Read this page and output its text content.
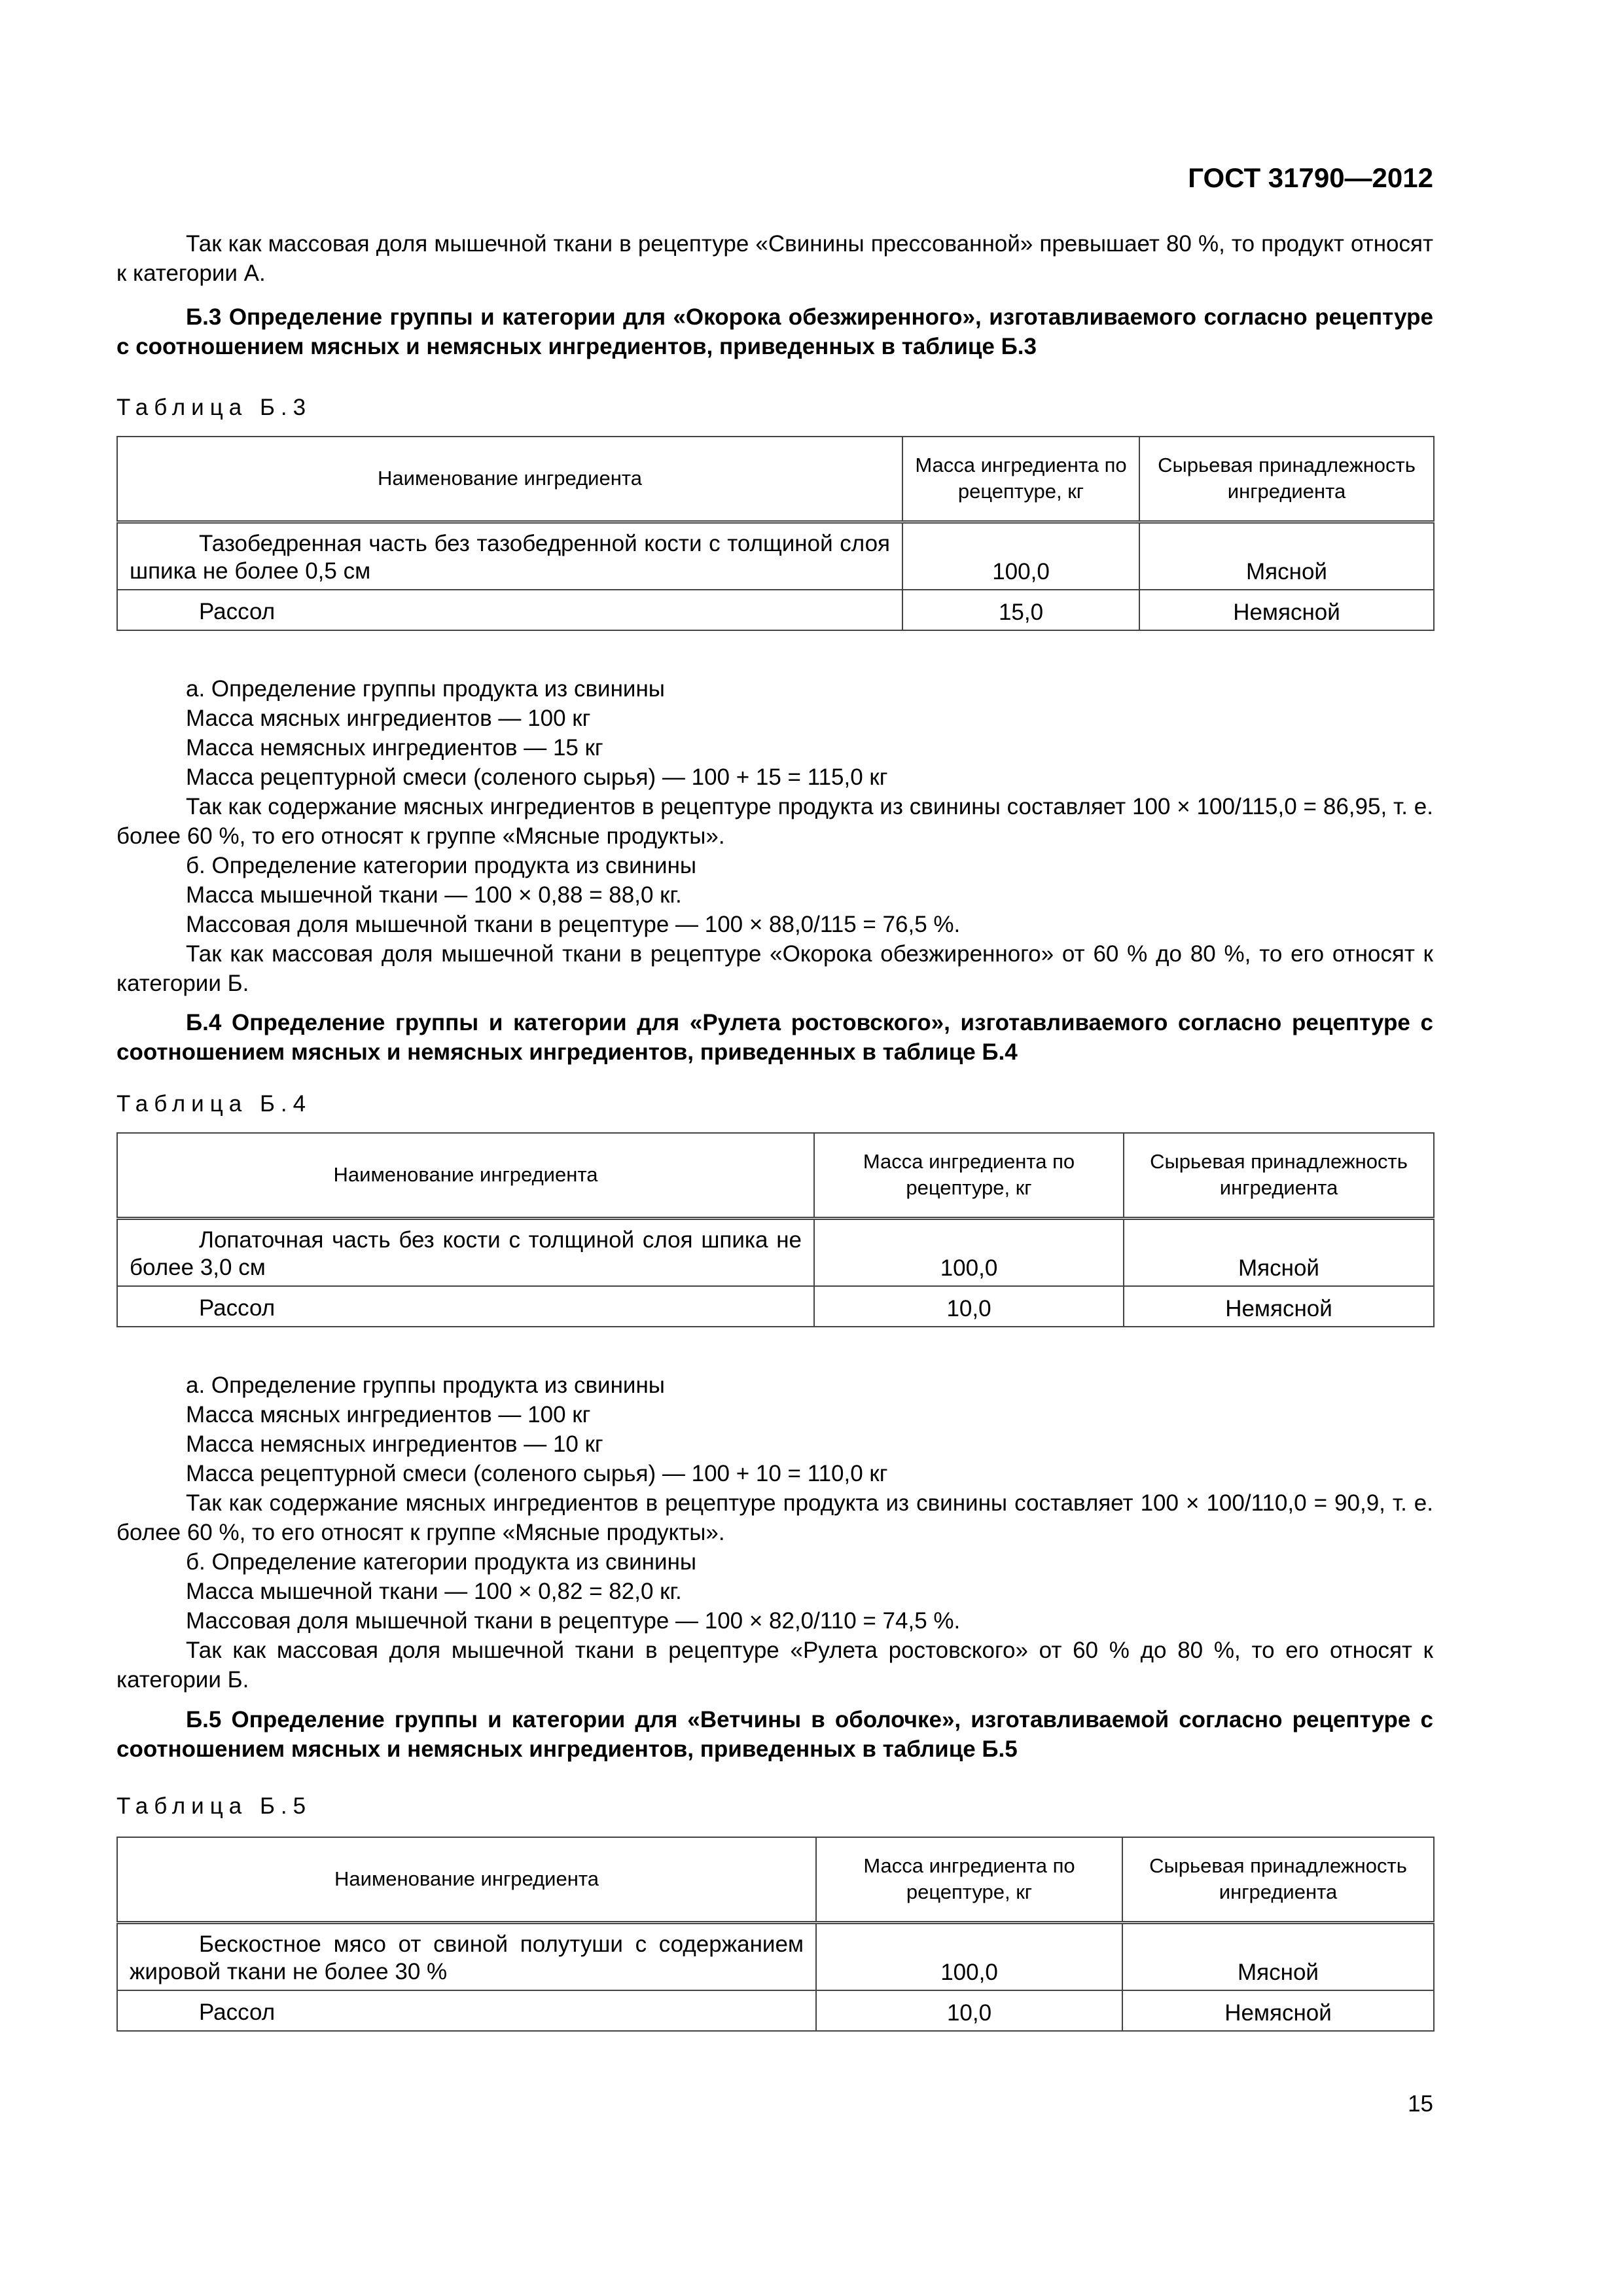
ГОСТ 31790—2012

Так как массовая доля мышечной ткани в рецептуре «Свинины прессованной» превышает 80 %, то продукт относят к категории А.

Б.3 Определение группы и категории для «Окорока обезжиренного», изготавливаемого согласно рецептуре с соотношением мясных и немясных ингредиентов, приведенных в таблице Б.3

Таблица Б.3

Наименование ингредиента	Масса ингредиента по рецептуре, кг	Сырьевая принадлежность ингредиента
Тазобедренная часть без тазобедренной кости с толщиной слоя шпика не более 0,5 см	100,0	Мясной
Рассол	15,0	Немясной

а. Определение группы продукта из свинины

Масса мясных ингредиентов — 100 кг

Масса немясных ингредиентов — 15 кг

Масса рецептурной смеси (соленого сырья) — 100 + 15 = 115,0 кг

Так как содержание мясных ингредиентов в рецептуре продукта из свинины составляет 100 × 100/115,0 = 86,95, т. е. более 60 %, то его относят к группе «Мясные продукты».

б. Определение категории продукта из свинины

Масса мышечной ткани — 100 × 0,88 = 88,0 кг.

Массовая доля мышечной ткани в рецептуре — 100 × 88,0/115 = 76,5 %.

Так как массовая доля мышечной ткани в рецептуре «Окорока обезжиренного» от 60 % до 80 %, то его относят к категории Б.

Б.4 Определение группы и категории для «Рулета ростовского», изготавливаемого согласно рецептуре с соотношением мясных и немясных ингредиентов, приведенных в таблице Б.4

Таблица Б.4

Наименование ингредиента	Масса ингредиента по рецептуре, кг	Сырьевая принадлежность ингредиента
Лопаточная часть без кости с толщиной слоя шпика не более 3,0 см	100,0	Мясной
Рассол	10,0	Немясной

а. Определение группы продукта из свинины

Масса мясных ингредиентов — 100 кг

Масса немясных ингредиентов — 10 кг

Масса рецептурной смеси (соленого сырья) — 100 + 10 = 110,0 кг

Так как содержание мясных ингредиентов в рецептуре продукта из свинины составляет 100 × 100/110,0 = 90,9, т. е. более 60 %, то его относят к группе «Мясные продукты».

б. Определение категории продукта из свинины

Масса мышечной ткани — 100 × 0,82 = 82,0 кг.

Массовая доля мышечной ткани в рецептуре — 100 × 82,0/110 = 74,5 %.

Так как массовая доля мышечной ткани в рецептуре «Рулета ростовского» от 60 % до 80 %, то его относят к категории Б.

Б.5 Определение группы и категории для «Ветчины в оболочке», изготавливаемой согласно рецептуре с соотношением мясных и немясных ингредиентов, приведенных в таблице Б.5

Таблица Б.5

Наименование ингредиента	Масса ингредиента по рецептуре, кг	Сырьевая принадлежность ингредиента
Бескостное мясо от свиной полутуши с содержанием жировой ткани не более 30 %	100,0	Мясной
Рассол	10,0	Немясной
15
